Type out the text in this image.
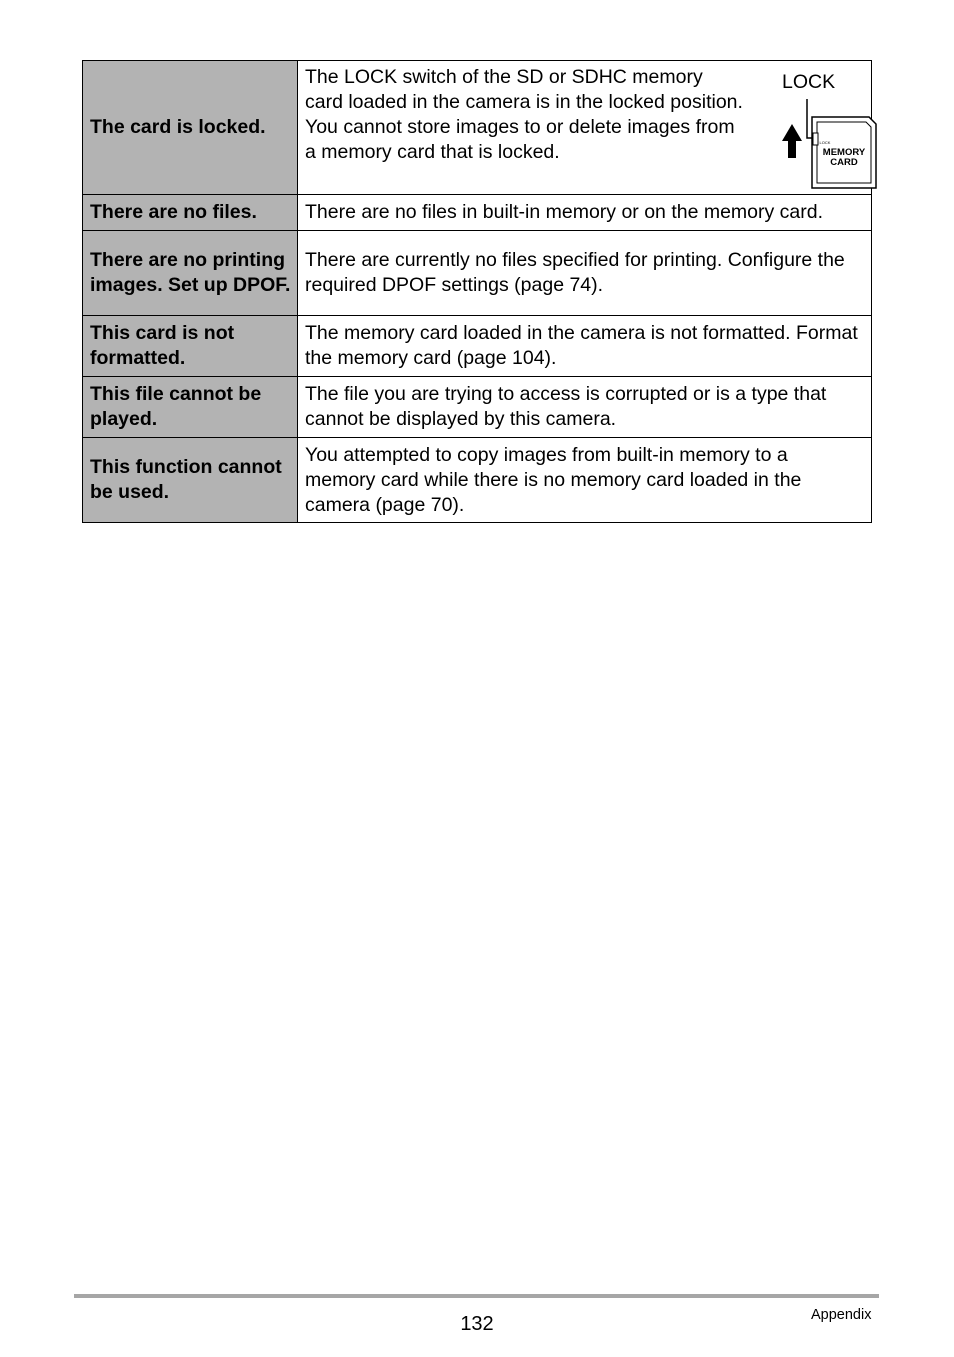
The card is locked.	The LOCK switch of the SD or SDHC memory card loaded in the camera is in the locked position. You cannot store images to or delete images from a memory card that is locked.
LOCK
LOCK
MEMORY
CARD

There are no files.	There are no files in built-in memory or on the memory card.
There are no printing images. Set up DPOF.	There are currently no files specified for printing. Configure the required DPOF settings (page 74).
This card is not formatted.	The memory card loaded in the camera is not formatted. Format the memory card (page 104).
This file cannot be played.	The file you are trying to access is corrupted or is a type that cannot be displayed by this camera.
This function cannot be used.	You attempted to copy images from built-in memory to a memory card while there is no memory card loaded in the camera (page 70).
132	Appendix
